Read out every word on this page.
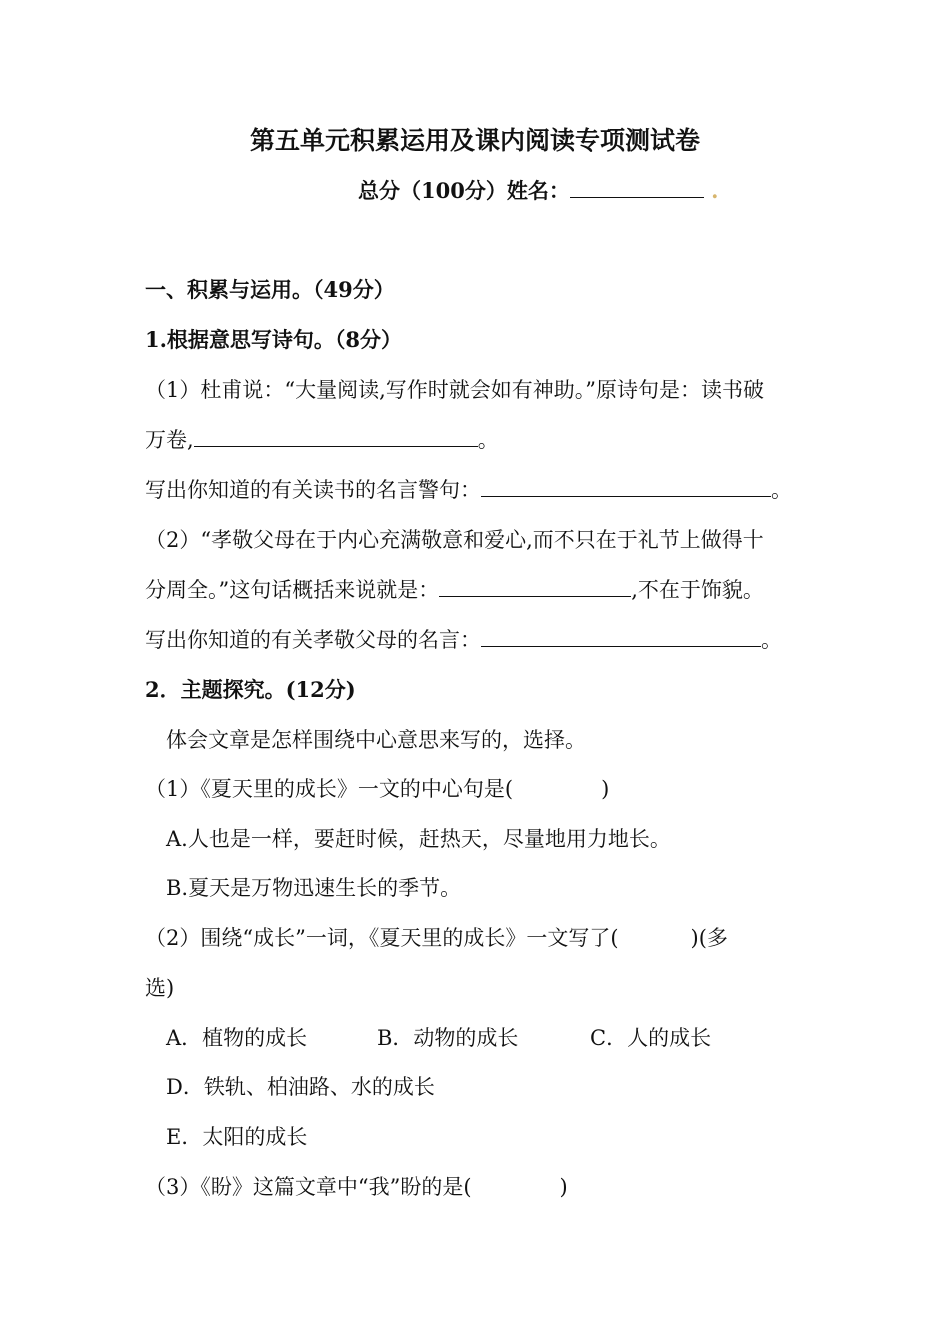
第五单元积累运用及课内阅读专项测试卷
总分（100分）姓名：	.
一、积累与运用。（49分）
1.根据意思写诗句。（8分）
（1）杜甫说：“大量阅读,写作时就会如有神助。”原诗句是：读书破
万卷,	。
写出你知道的有关读书的名言警句：	。
（2）“孝敬父母在于内心充满敬意和爱心,而不只在于礼节上做得十
分周全。”这句话概括来说就是：	,不在于饰貌。
写出你知道的有关孝敬父母的名言：	。
2．主题探究。(12分)
体会文章是怎样围绕中心意思来写的，选择。
（1）《夏天里的成长》一文的中心句是(	)
A.人也是一样，要赶时候，赶热天，尽量地用力地长。
B.夏天是万物迅速生长的季节。
（2）围绕“成长”一词，《夏天里的成长》一文写了(	)(多
选)
A．植物的成长	B．动物的成长	C．人的成长
D．铁轨、柏油路、水的成长
E．太阳的成长
（3）《盼》这篇文章中“我”盼的是(	)
